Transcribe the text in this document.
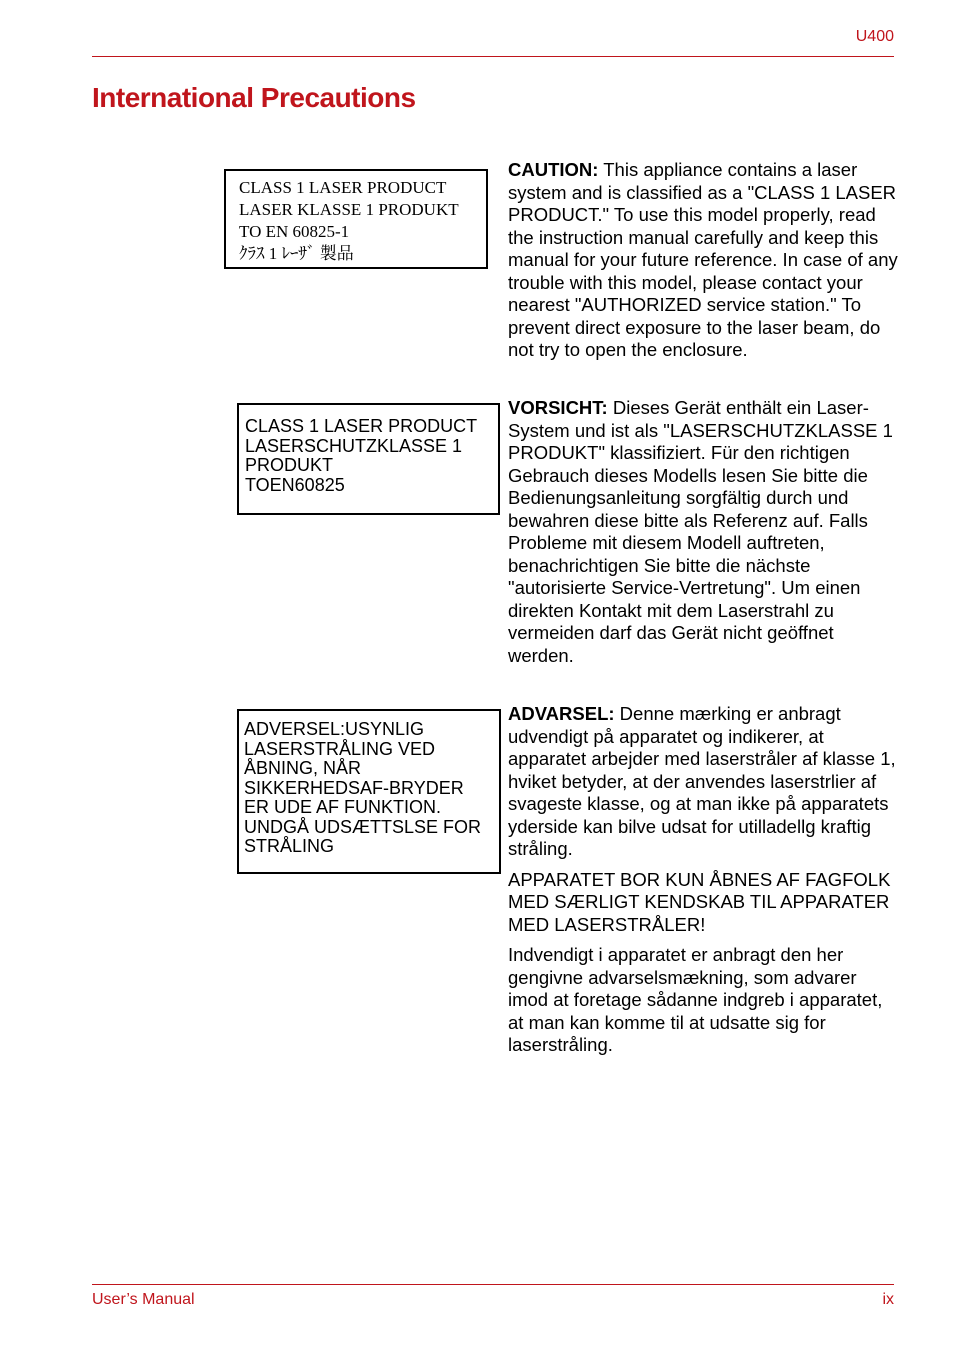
U400
International Precautions
CLASS 1 LASER PRODUCT
LASER KLASSE 1 PRODUKT
TO EN 60825-1
ｸﾗｽ 1 ﾚｰｻﾞ 製品
CLASS 1 LASER PRODUCT
LASERSCHUTZKLASSE 1
PRODUKT
TOEN60825
ADVERSEL:USYNLIG
LASERSTRÅLING VED
ÅBNING, NÅR
SIKKERHEDSAF-BRYDER
ER UDE AF FUNKTION.
UNDGÅ UDSÆTTSLSE FOR
STRÅLING

CAUTION: This appliance contains a laser system and is classified as a "CLASS 1 LASER PRODUCT." To use this model properly, read the instruction manual carefully and keep this manual for your future reference. In case of any trouble with this model, please contact your nearest "AUTHORIZED service station." To prevent direct exposure to the laser beam, do not try to open the enclosure.

VORSICHT: Dieses Gerät enthält ein Laser-System und ist als "LASERSCHUTZKLASSE 1 PRODUKT" klassifiziert. Für den richtigen Gebrauch dieses Modells lesen Sie bitte die Bedienungsanleitung sorgfältig durch und bewahren diese bitte als Referenz auf. Falls Probleme mit diesem Modell auftreten, benachrichtigen Sie bitte die nächste "autorisierte Service-Vertretung". Um einen direkten Kontakt mit dem Laserstrahl zu vermeiden darf das Gerät nicht geöffnet werden.

ADVARSEL: Denne mærking er anbragt udvendigt på apparatet og indikerer, at apparatet arbejder med laserstråler af klasse 1, hviket betyder, at der anvendes laserstrlier af svageste klasse, og at man ikke på apparatets yderside kan bilve udsat for utilladellg kraftig stråling.

APPARATET BOR KUN ÅBNES AF FAGFOLK MED SÆRLIGT KENDSKAB TIL APPARATER MED LASERSTRÅLER!

Indvendigt i apparatet er anbragt den her gengivne advarselsmækning, som advarer imod at foretage sådanne indgreb i apparatet, at man kan komme til at udsatte sig for laserstråling.

User’s Manual	ix
